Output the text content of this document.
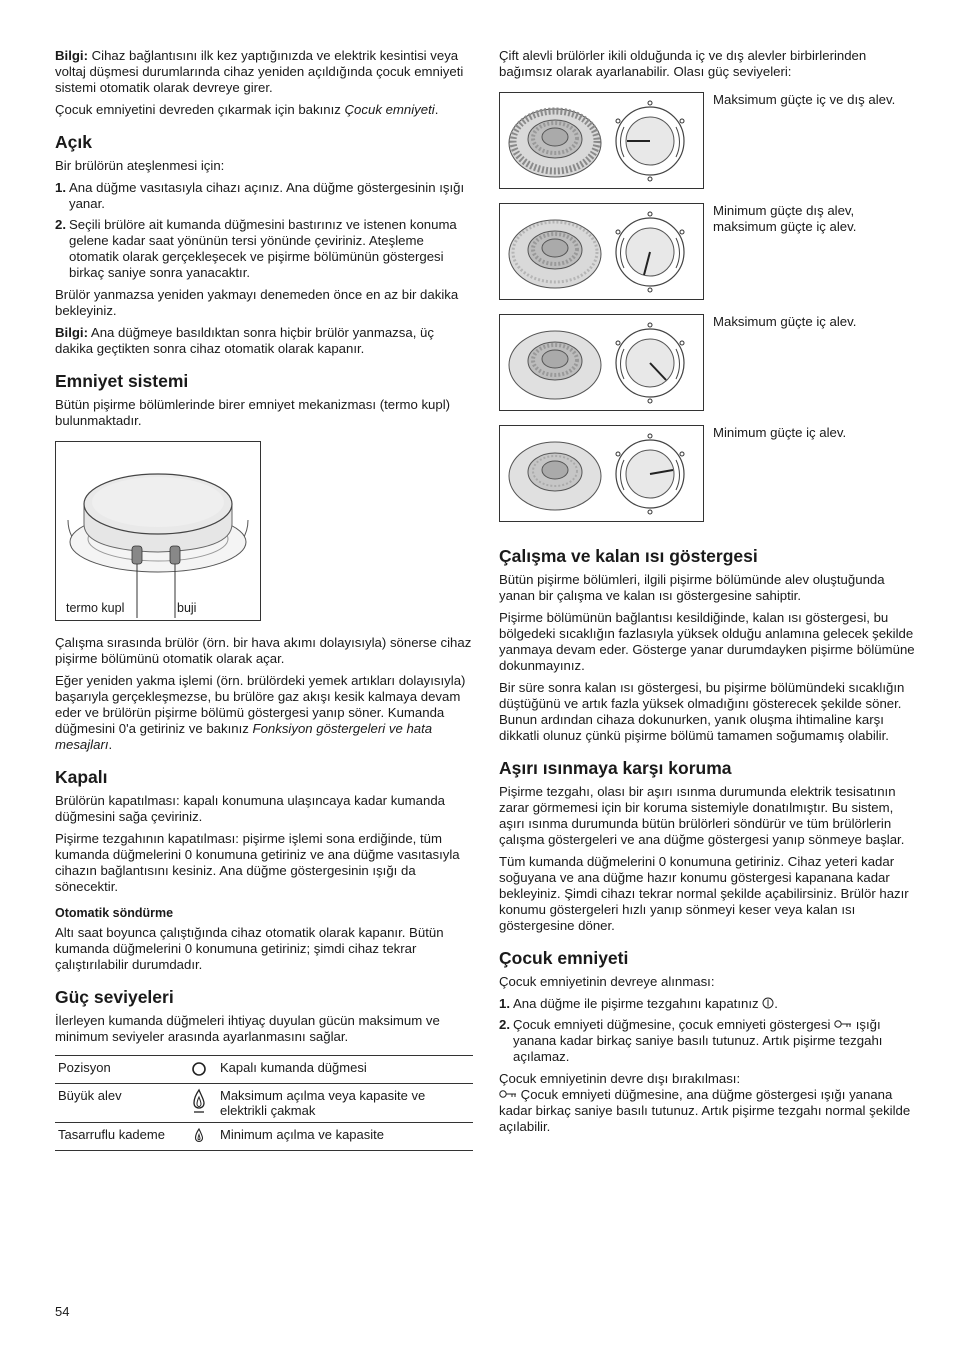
Bilgi: Cihaz bağlantısını ilk kez yaptığınızda ve elektrik kesintisi veya voltaj düşmesi durumlarında cihaz yeniden açıldığında çocuk emniyeti sistemi otomatik olarak devreye girer.

Çocuk emniyetini devreden çıkarmak için bakınız Çocuk emniyeti.

Açık

Bir brülörün ateşlenmesi için:

1. Ana düğme vasıtasıyla cihazı açınız. Ana düğme göstergesinin ışığı yanar.
2. Seçili brülöre ait kumanda düğmesini bastırınız ve istenen konuma gelene kadar saat yönünün tersi yönünde çeviriniz. Ateşleme otomatik olarak gerçekleşecek ve pişirme bölümünün göstergesi birkaç saniye sonra yanacaktır.

Brülör yanmazsa yeniden yakmayı denemeden önce en az bir dakika bekleyiniz.

Bilgi: Ana düğmeye basıldıktan sonra hiçbir brülör yanmazsa, üç dakika geçtikten sonra cihaz otomatik olarak kapanır.

Emniyet sistemi

Bütün pişirme bölümlerinde birer emniyet mekanizması (termo kupl) bulunmaktadır.

termo kupl	buji

Çalışma sırasında brülör (örn. bir hava akımı dolayısıyla) sönerse cihaz pişirme bölümünü otomatik olarak açar.

Eğer yeniden yakma işlemi (örn. brülördeki yemek artıkları dolayısıyla) başarıyla gerçekleşmezse, bu brülöre gaz akışı kesik kalmaya devam eder ve brülörün pişirme bölümü göstergesi yanıp söner. Kumanda düğmesini 0'a getiriniz ve bakınız Fonksiyon göstergeleri ve hata mesajları.

Kapalı

Brülörün kapatılması: kapalı konumuna ulaşıncaya kadar kumanda düğmesini sağa çeviriniz.

Pişirme tezgahının kapatılması: pişirme işlemi sona erdiğinde, tüm kumanda düğmelerini 0 konumuna getiriniz ve ana düğme vasıtasıyla cihazın bağlantısını kesiniz. Ana düğme göstergesinin ışığı da sönecektir.

Otomatik söndürme

Altı saat boyunca çalıştığında cihaz otomatik olarak kapanır. Bütün kumanda düğmelerini 0 konumuna getiriniz; şimdi cihaz tekrar çalıştırılabilir durumdadır.

Güç seviyeleri

İlerleyen kumanda düğmeleri ihtiyaç duyulan gücün maksimum ve minimum seviyeler arasında ayarlanmasını sağlar.

Pozisyon		Kapalı kumanda düğmesi
Büyük alev		Maksimum açılma veya kapasite ve elektrikli çakmak
Tasarruflu kademe		Minimum açılma ve kapasite

Çift alevli brülörler ikili olduğunda iç ve dış alevler birbirlerinden bağımsız olarak ayarlanabilir. Olası güç seviyeleri:

Maksimum güçte iç ve dış alev.
Minimum güçte dış alev, maksimum güçte iç alev.
Maksimum güçte iç alev.
Minimum güçte iç alev.
Çalışma ve kalan ısı göstergesi

Bütün pişirme bölümleri, ilgili pişirme bölümünde alev oluştuğunda yanan bir çalışma ve kalan ısı göstergesine sahiptir.

Pişirme bölümünün bağlantısı kesildiğinde, kalan ısı göstergesi, bu bölgedeki sıcaklığın fazlasıyla yüksek olduğu anlamına gelecek şekilde yanmaya devam eder. Gösterge yanar durumdayken pişirme bölümüne dokunmayınız.

Bir süre sonra kalan ısı göstergesi, bu pişirme bölümündeki sıcaklığın düştüğünü ve artık fazla yüksek olmadığını gösterecek şekilde söner. Bunun ardından cihaza dokunurken, yanık oluşma ihtimaline karşı dikkatli olunuz çünkü pişirme bölümü tamamen soğumamış olabilir.

Aşırı ısınmaya karşı koruma

Pişirme tezgahı, olası bir aşırı ısınma durumunda elektrik tesisatının zarar görmemesi için bir koruma sistemiyle donatılmıştır. Bu sistem, aşırı ısınma durumunda bütün brülörleri söndürür ve tüm brülörlerin çalışma göstergeleri ve ana düğme göstergesi yanıp sönmeye başlar.

Tüm kumanda düğmelerini 0 konumuna getiriniz. Cihaz yeteri kadar soğuyana ve ana düğme hazır konumu göstergesi kapanana kadar bekleyiniz. Şimdi cihazı tekrar normal şekilde açabilirsiniz. Brülör hazır konumu göstergeleri hızlı yanıp sönmeyi keser veya kalan ısı göstergesine döner.

Çocuk emniyeti

Çocuk emniyetinin devreye alınması:

1. Ana düğme ile pişirme tezgahını kapatınız .
2. Çocuk emniyeti düğmesine, çocuk emniyeti göstergesi  ışığı yanana kadar birkaç saniye basılı tutunuz. Artık pişirme tezgahı açılamaz.

Çocuk emniyetinin devre dışı bırakılması:

Çocuk emniyeti düğmesine, ana düğme göstergesi ışığı yanana kadar birkaç saniye basılı tutunuz. Artık pişirme tezgahı normal şekilde açılabilir.

54
